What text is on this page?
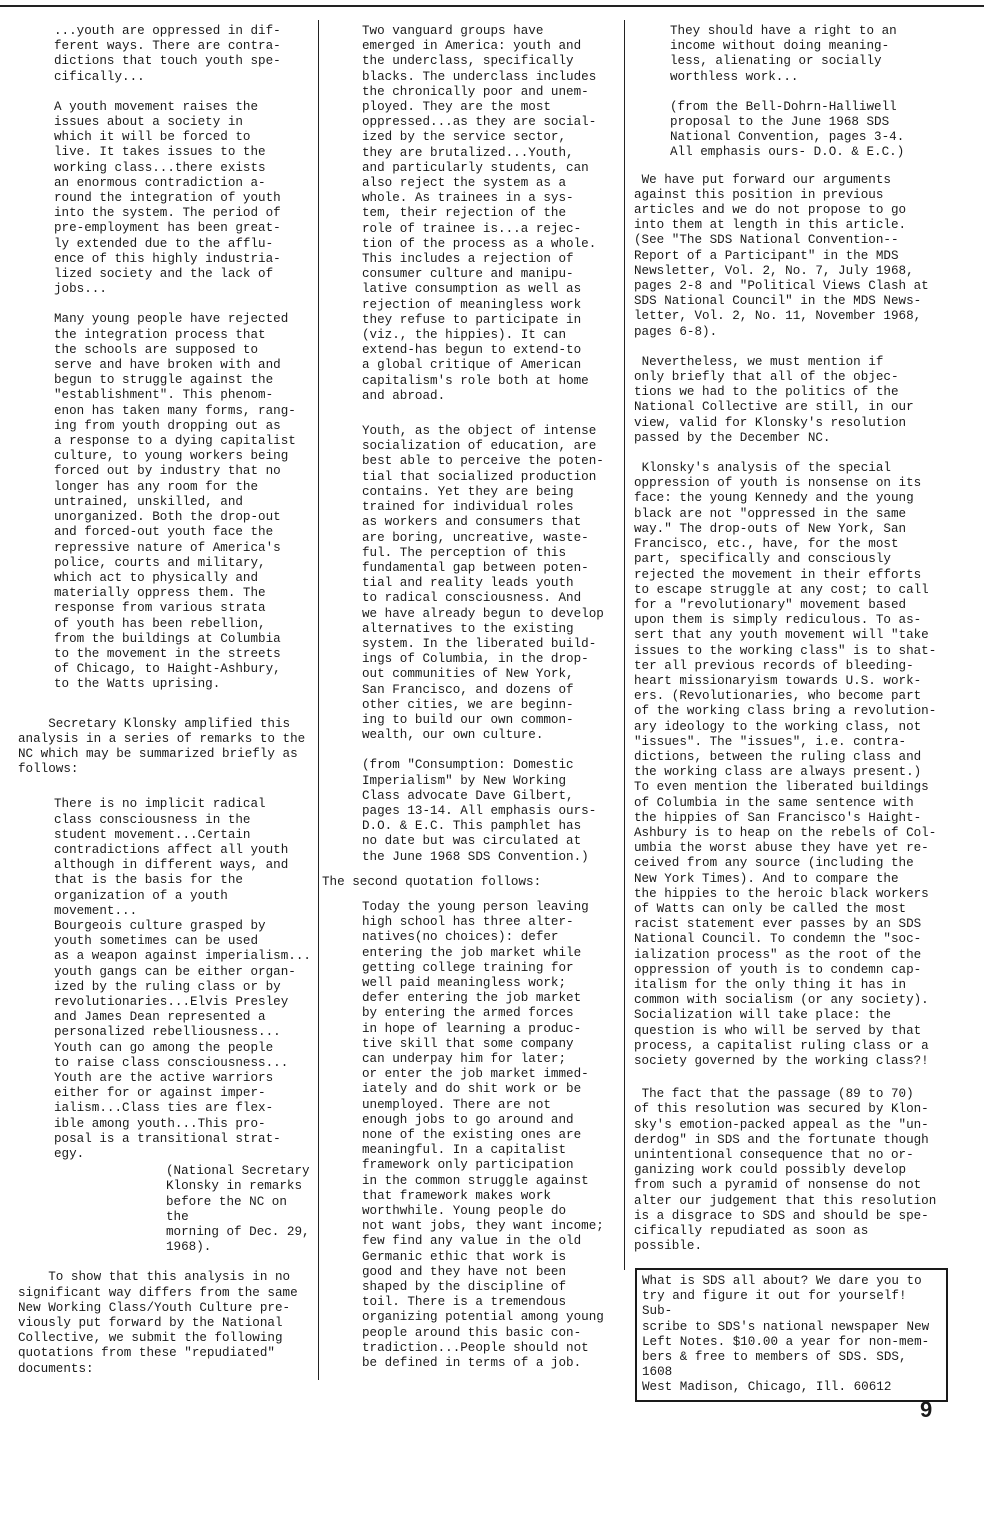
...youth are oppressed in dif-
ferent ways. There are contra-
dictions that touch youth spe-
cifically...

A youth movement raises the
issues about a society in
which it will be forced to
live. It takes issues to the
working class...there exists
an enormous contradiction a-
round the integration of youth
into the system. The period of
pre-employment has been great-
ly extended due to the afflu-
ence of this highly industria-
lized society and the lack of
jobs...

Many young people have rejected
the integration process that
the schools are supposed to
serve and have broken with and
begun to struggle against the
"establishment". This phenom-
enon has taken many forms, rang-
ing from youth dropping out as
a response to a dying capitalist
culture, to young workers being
forced out by industry that no
longer has any room for the
untrained, unskilled, and
unorganized. Both the drop-out
and forced-out youth face the
repressive nature of America's
police, courts and military,
which act to physically and
materially oppress them. The
response from various strata
of youth has been rebellion,
from the buildings at Columbia
to the movement in the streets
of Chicago, to Haight-Ashbury,
to the Watts uprising.

Secretary Klonsky amplified this
analysis in a series of remarks to the
NC which may be summarized briefly as
follows:

There is no implicit radical
class consciousness in the
student movement...Certain
contradictions affect all youth
although in different ways, and
that is the basis for the
organization of a youth movement...
Bourgeois culture grasped by
youth sometimes can be used
as a weapon against imperialism...
youth gangs can be either organ-
ized by the ruling class or by
revolutionaries...Elvis Presley
and James Dean represented a
personalized rebelliousness...
Youth can go among the people
to raise class consciousness...
Youth are the active warriors
either for or against imper-
ialism...Class ties are flex-
ible among youth...This pro-
posal is a transitional strat-
egy.

(National Secretary
Klonsky in remarks
before the NC on the
morning of Dec. 29,
1968).

To show that this analysis in no
significant way differs from the same
New Working Class/Youth Culture pre-
viously put forward by the National
Collective, we submit the following
quotations from these "repudiated"
documents:

Two vanguard groups have
emerged in America: youth and
the underclass, specifically
blacks. The underclass includes
the chronically poor and unem-
ployed. They are the most
oppressed...as they are social-
ized by the service sector,
they are brutalized...Youth,
and particularly students, can
also reject the system as a
whole. As trainees in a sys-
tem, their rejection of the
role of trainee is...a rejec-
tion of the process as a whole.
This includes a rejection of
consumer culture and manipu-
lative consumption as well as
rejection of meaningless work
they refuse to participate in
(viz., the hippies). It can
extend-has begun to extend-to
a global critique of American
capitalism's role both at home
and abroad.

Youth, as the object of intense
socialization of education, are
best able to perceive the poten-
tial that socialized production
contains. Yet they are being
trained for individual roles
as workers and consumers that
are boring, uncreative, waste-
ful. The perception of this
fundamental gap between poten-
tial and reality leads youth
to radical consciousness. And
we have already begun to develop
alternatives to the existing
system. In the liberated build-
ings of Columbia, in the drop-
out communities of New York,
San Francisco, and dozens of
other cities, we are beginn-
ing to build our own common-
wealth, our own culture.

(from "Consumption: Domestic
Imperialism" by New Working
Class advocate Dave Gilbert,
pages 13-14. All emphasis ours-
D.O. & E.C. This pamphlet has
no date but was circulated at
the June 1968 SDS Convention.)

The second quotation follows:

Today the young person leaving
high school has three alter-
natives(no choices): defer
entering the job market while
getting college training for
well paid meaningless work;
defer entering the job market
by entering the armed forces
in hope of learning a produc-
tive skill that some company
can underpay him for later;
or enter the job market immed-
iately and do shit work or be
unemployed. There are not
enough jobs to go around and
none of the existing ones are
meaningful. In a capitalist
framework only participation
in the common struggle against
that framework makes work
worthwhile. Young people do
not want jobs, they want income;
few find any value in the old
Germanic ethic that work is
good and they have not been
shaped by the discipline of
toil. There is a tremendous
organizing potential among young
people around this basic con-
tradiction...People should not
be defined in terms of a job.

They should have a right to an
income without doing meaning-
less, alienating or socially
worthless work...

(from the Bell-Dohrn-Halliwell
proposal to the June 1968 SDS
National Convention, pages 3-4.
All emphasis ours- D.O. & E.C.)

We have put forward our arguments
against this position in previous
articles and we do not propose to go
into them at length in this article.
(See "The SDS National Convention--
Report of a Participant" in the MDS
Newsletter, Vol. 2, No. 7, July 1968,
pages 2-8 and "Political Views Clash at
SDS National Council" in the MDS News-
letter, Vol. 2, No. 11, November 1968,
pages 6-8).

Nevertheless, we must mention if
only briefly that all of the objec-
tions we had to the politics of the
National Collective are still, in our
view, valid for Klonsky's resolution
passed by the December NC.

Klonsky's analysis of the special
oppression of youth is nonsense on its
face: the young Kennedy and the young
black are not "oppressed in the same
way." The drop-outs of New York, San
Francisco, etc., have, for the most
part, specifically and consciously
rejected the movement in their efforts
to escape struggle at any cost; to call
for a "revolutionary" movement based
upon them is simply rediculous. To as-
sert that any youth movement will "take
issues to the working class" is to shat-
ter all previous records of bleeding-
heart missionaryism towards U.S. work-
ers. (Revolutionaries, who become part
of the working class bring a revolution-
ary ideology to the working class, not
"issues". The "issues", i.e. contra-
dictions, between the ruling class and
the working class are always present.)
To even mention the liberated buildings
of Columbia in the same sentence with
the hippies of San Francisco's Haight-
Ashbury is to heap on the rebels of Col-
umbia the worst abuse they have yet re-
ceived from any source (including the
New York Times). And to compare the
the hippies to the heroic black workers
of Watts can only be called the most
racist statement ever passes by an SDS
National Council. To condemn the "soc-
ialization process" as the root of the
oppression of youth is to condemn cap-
italism for the only thing it has in
common with socialism (or any society).
Socialization will take place: the
question is who will be served by that
process, a capitalist ruling class or a
society governed by the working class?!

The fact that the passage (89 to 70)
of this resolution was secured by Klon-
sky's emotion-packed appeal as the "un-
derdog" in SDS and the fortunate though
unintentional consequence that no or-
ganizing work could possibly develop
from such a pyramid of nonsense do not
alter our judgement that this resolution
is a disgrace to SDS and should be spe-
cifically repudiated as soon as
possible.

What is SDS all about? We dare you to
try and figure it out for yourself! Sub-
scribe to SDS's national newspaper New
Left Notes. $10.00 a year for non-mem-
bers & free to members of SDS. SDS, 1608
West Madison, Chicago, Ill. 60612

9
